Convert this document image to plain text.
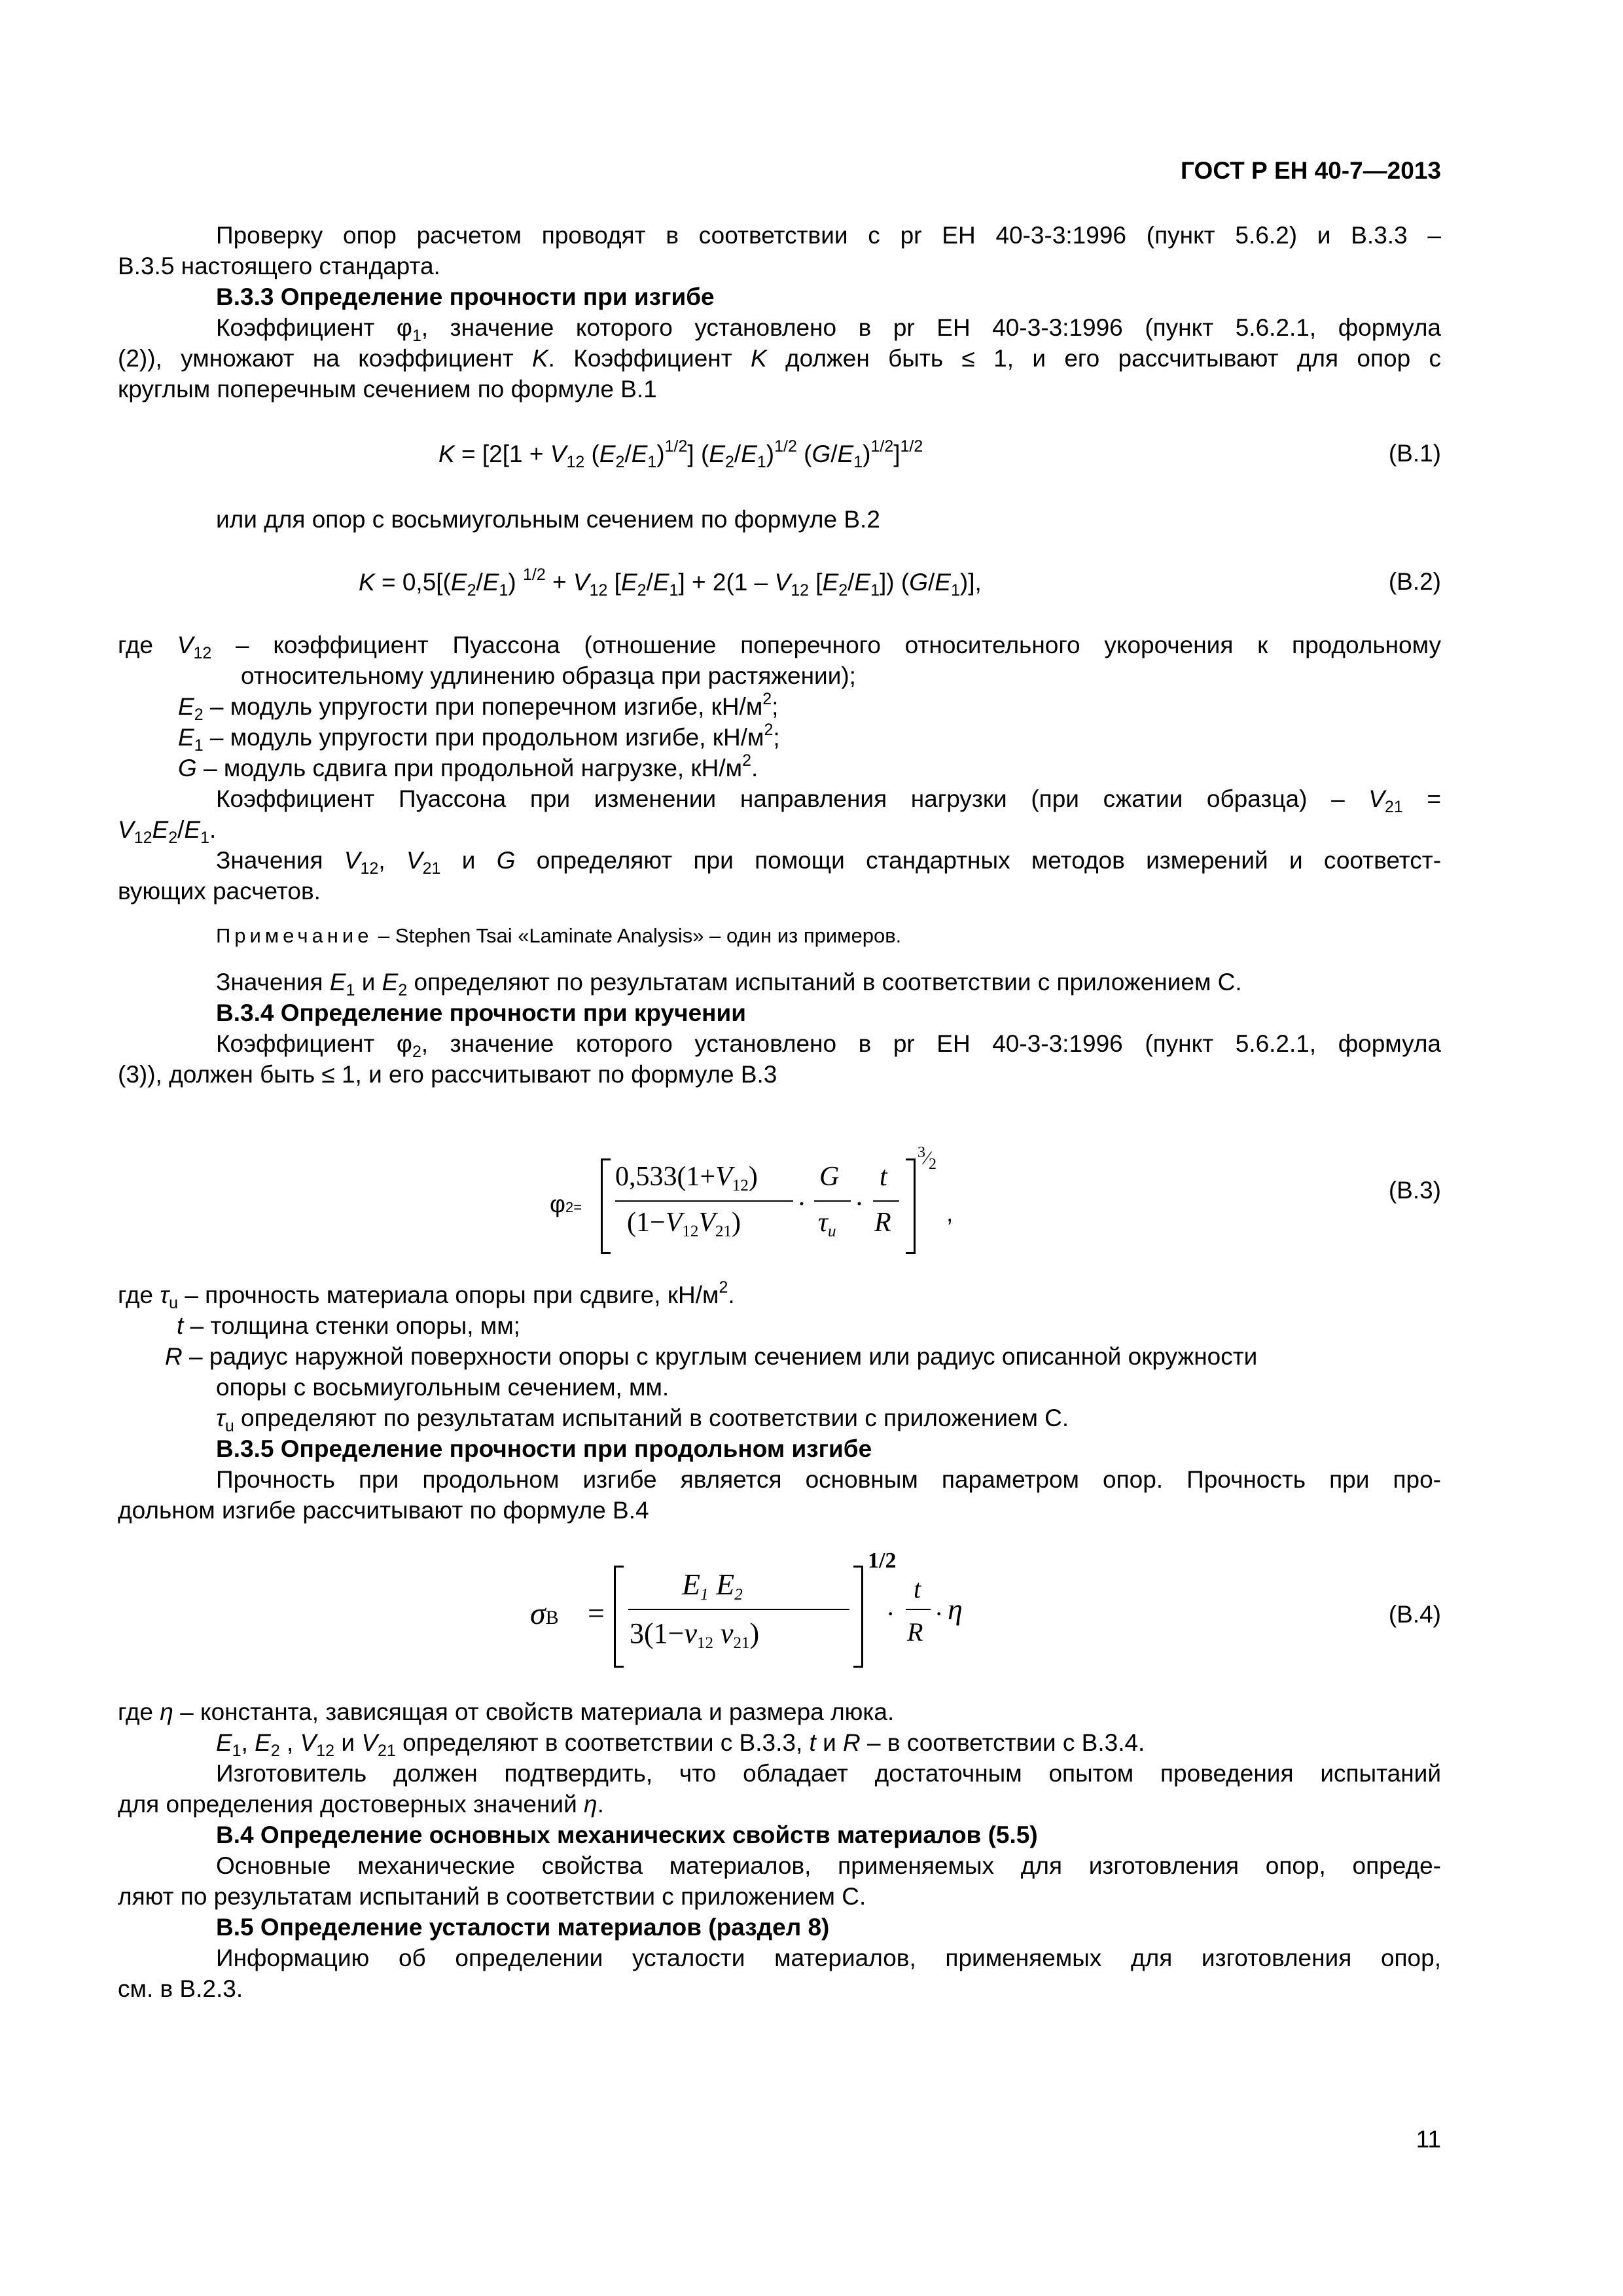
ГОСТ Р ЕН 40-7—2013
Проверку опор расчетом проводят в соответствии с pr ЕН 40-3-3:1996 (пункт 5.6.2) и В.3.3 –
В.3.5 настоящего стандарта.
В.3.3 Определение прочности при изгибе
Коэффициент $\varphi_1$, значение которого установлено в pr ЕН 40-3-3:1996 (пункт 5.6.2.1, формула
(2)), умножают на коэффициент K. Коэффициент K должен быть ≤ 1, и его рассчитывают для опор с
круглым поперечным сечением по формуле В.1
$K = [2[1 + V_{12}$ $(E_2/E_1)^{1/2}$] $(E_2/E_1)^{1/2}$ $(G/E_1)^{1/2}]^{1/2}$	(В.1)
или для опор с восьмиугольным сечением по формуле В.2
$K = 0,5[(E_2/E_1) ^{1/2} + V_{12}$ $[E_2/E_1] + 2(1 - V_{12}$ $[E_2/E_1]$) $(G/E_1)$],	(В.2)
где $V_{12}$ – коэффициент Пуассона (отношение поперечного относительного укорочения к продольному
относительному удлинению образца при растяжении);
$E_2$ – модуль упругости при поперечном изгибе, $кН/м^2$;
$E_1$ – модуль упругости при продольном изгибе, $кН/м^2$;
G – модуль сдвига при продольной нагрузке, $кН/м^2$.
Коэффициент Пуассона при изменении направления нагрузки (при сжатии образца) – $V_{21}$ =
$V_{12}E_2/E_1$.
Значения $V_{12}$, $V_{21}$ и G определяют при помощи стандартных методов измерений и соответст-
вующих расчетов.
Примечание – Stephen Tsai «Laminate Analysis» – один из примеров.
Значения $E_1$ и $E_2$ определяют по результатам испытаний в соответствии с приложением С.
В.3.4 Определение прочности при кручении
Коэффициент $\varphi_2$, значение которого установлено в pr ЕН 40-3-3:1996 (пункт 5.6.2.1, формула
(3)), должен быть ≤ 1, и его рассчитывают по формуле В.3
φ2=
$0,533(1+V_{12})$
$(1-V_{12}V_{21})$
·
G
$\tau_u$
·
t
R
$^3⁄_2$
,
(В.3)
где $\tau_u$ – прочность материала опоры при сдвиге, $кН/м^2$.
t – толщина стенки опоры, мм;
R – радиус наружной поверхности опоры с круглым сечением или радиус описанной окружности
опоры с восьмиугольным сечением, мм.
$\tau_u$ определяют по результатам испытаний в соответствии с приложением С.
В.3.5 Определение прочности при продольном изгибе
Прочность при продольном изгибе является основным параметром опор. Прочность при про-
дольном изгибе рассчитывают по формуле В.4
σB =
$E_1$ $E_2$
$3(1-\nu_{12}$ $\nu_{21}$)
1/2
·
t
R
· η	(В.4)
где η – константа, зависящая от свойств материала и размера люка.
$E_1$, $E_2$ , $V_{12}$ и $V_{21}$ определяют в соответствии с В.3.3, t и R – в соответствии с В.3.4.
Изготовитель должен подтвердить, что обладает достаточным опытом проведения испытаний
для определения достоверных значений η.
В.4 Определение основных механических свойств материалов (5.5)
Основные механические свойства материалов, применяемых для изготовления опор, опреде-
ляют по результатам испытаний в соответствии с приложением С.
В.5 Определение усталости материалов (раздел 8)
Информацию об определении усталости материалов, применяемых для изготовления опор,
см. в В.2.3.
11
